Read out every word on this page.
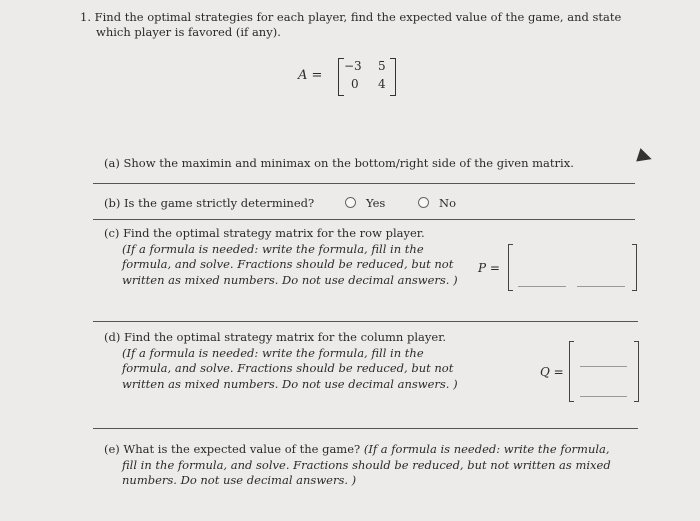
1. Find the optimal strategies for each player, find the expected value of the game, and state
which player is favored (if any).
A =
−3 5
0 4
(a) Show the maximin and minimax on the bottom/right side of the given matrix.
(b) Is the game strictly determined?	Yes	No
(c) Find the optimal strategy matrix for the row player.
(If a formula is needed: write the formula, fill in the
formula, and solve. Fractions should be reduced, but not
written as mixed numbers. Do not use decimal answers. )
P =
(d) Find the optimal strategy matrix for the column player.
(If a formula is needed: write the formula, fill in the
formula, and solve. Fractions should be reduced, but not
written as mixed numbers. Do not use decimal answers. )
Q =
(e) What is the expected value of the game? (If a formula is needed: write the formula,
fill in the formula, and solve. Fractions should be reduced, but not written as mixed
numbers. Do not use decimal answers. )
